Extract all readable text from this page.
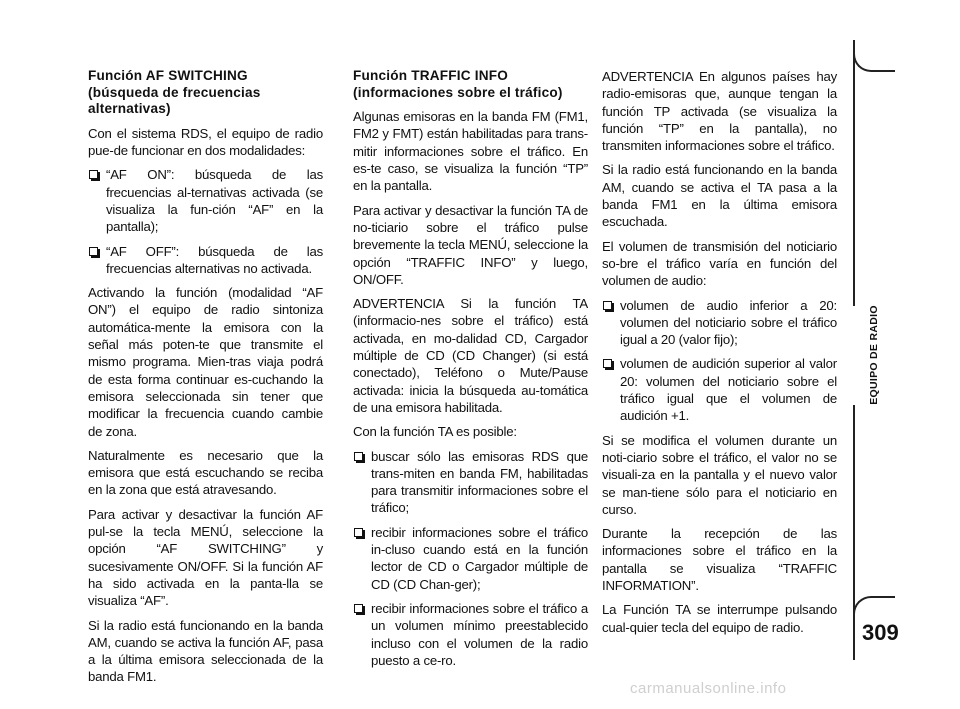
Función AF SWITCHING
(búsqueda de frecuencias
alternativas)

Con el sistema RDS, el equipo de radio pue-de funcionar en dos modalidades:

“AF ON”: búsqueda de las frecuencias al-ternativas activada (se visualiza la fun-ción “AF” en la pantalla);
“AF OFF”: búsqueda de las frecuencias alternativas no activada.

Activando la función (modalidad “AF ON”) el equipo de radio sintoniza automática-mente la emisora con la señal más poten-te que transmite el mismo programa. Mien-tras viaja podrá de esta forma continuar es-cuchando la emisora seleccionada sin tener que modificar la frecuencia cuando cambie de zona.

Naturalmente es necesario que la emisora que está escuchando se reciba en la zona que está atravesando.

Para activar y desactivar la función AF pul-se la tecla MENÚ, seleccione la opción “AF SWITCHING” y sucesivamente ON/OFF. Si la función AF ha sido activada en la panta-lla se visualiza “AF”.

Si la radio está funcionando en la banda AM, cuando se activa la función AF, pasa a la última emisora seleccionada de la banda FM1.

Función TRAFFIC INFO
(informaciones sobre el tráfico)

Algunas emisoras en la banda FM (FM1, FM2 y FMT) están habilitadas para trans-mitir informaciones sobre el tráfico. En es-te caso, se visualiza la función “TP” en la pantalla.

Para activar y desactivar la función TA de no-ticiario sobre el tráfico pulse brevemente la tecla MENÚ, seleccione la opción “TRAFFIC INFO” y luego, ON/OFF.

ADVERTENCIA Si la función TA (informacio-nes sobre el tráfico) está activada, en mo-dalidad CD, Cargador múltiple de CD (CD Changer) (si está conectado), Teléfono o Mute/Pause activada: inicia la búsqueda au-tomática de una emisora habilitada.

Con la función TA es posible:

buscar sólo las emisoras RDS que trans-miten en banda FM, habilitadas para transmitir informaciones sobre el tráfico;
recibir informaciones sobre el tráfico in-cluso cuando está en la función lector de CD o Cargador múltiple de CD (CD Chan-ger);
recibir informaciones sobre el tráfico a un volumen mínimo preestablecido incluso con el volumen de la radio puesto a ce-ro.

ADVERTENCIA En algunos países hay radio-emisoras que, aunque tengan la función TP activada (se visualiza la función “TP” en la pantalla), no transmiten informaciones sobre el tráfico.

Si la radio está funcionando en la banda AM, cuando se activa el TA pasa a la banda FM1 en la última emisora escuchada.

El volumen de transmisión del noticiario so-bre el tráfico varía en función del volumen de audio:

volumen de audio inferior a 20: volumen del noticiario sobre el tráfico igual a 20 (valor fijo);
volumen de audición superior al valor 20: volumen del noticiario sobre el tráfico igual que el volumen de audición +1.

Si se modifica el volumen durante un noti-ciario sobre el tráfico, el valor no se visuali-za en la pantalla y el nuevo valor se man-tiene sólo para el noticiario en curso.

Durante la recepción de las informaciones sobre el tráfico en la pantalla se visualiza “TRAFFIC INFORMATION”.

La Función TA se interrumpe pulsando cual-quier tecla del equipo de radio.

EQUIPO DE RADIO
309
carmanualsonline.info
